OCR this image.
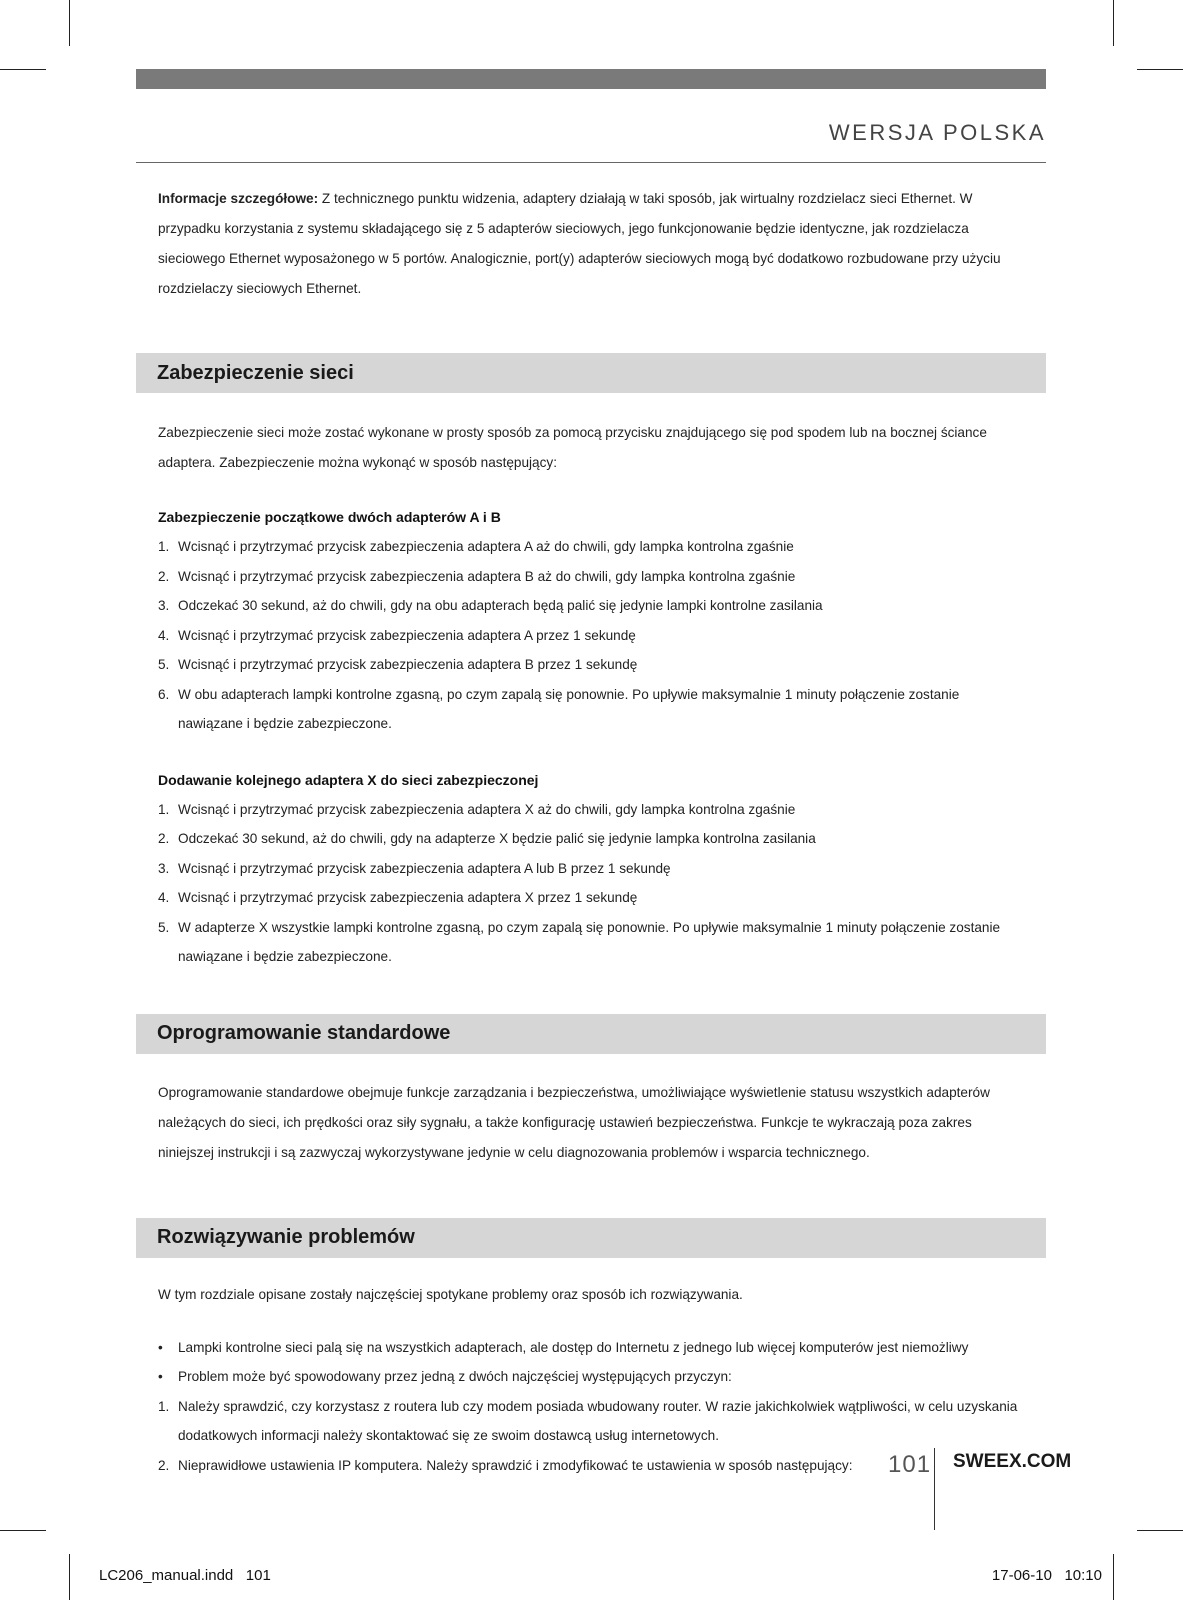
WERSJA POLSKA

Informacje szczegółowe: Z technicznego punktu widzenia, adaptery działają w taki sposób, jak wirtualny rozdzielacz sieci Ethernet. W przypadku korzystania z systemu składającego się z 5 adapterów sieciowych, jego funkcjonowanie będzie identyczne, jak rozdzielacza sieciowego Ethernet wyposażonego w 5 portów. Analogicznie, port(y) adapterów sieciowych mogą być dodatkowo rozbudowane przy użyciu rozdzielaczy sieciowych Ethernet.

Zabezpieczenie sieci

Zabezpieczenie sieci może zostać wykonane w prosty sposób za pomocą przycisku znajdującego się pod spodem lub na bocznej ściance adaptera. Zabezpieczenie można wykonąć w sposób następujący:

Zabezpieczenie początkowe dwóch adapterów A i B
1. Wcisnąć i przytrzymać przycisk zabezpieczenia adaptera A aż do chwili, gdy lampka kontrolna zgaśnie
2. Wcisnąć i przytrzymać przycisk zabezpieczenia adaptera B aż do chwili, gdy lampka kontrolna zgaśnie
3. Odczekać 30 sekund, aż do chwili, gdy na obu adapterach będą palić się jedynie lampki kontrolne zasilania
4. Wcisnąć i przytrzymać przycisk zabezpieczenia adaptera A przez 1 sekundę
5. Wcisnąć i przytrzymać przycisk zabezpieczenia adaptera B przez 1 sekundę
6. W obu adapterach lampki kontrolne zgasną, po czym zapalą się ponownie. Po upływie maksymalnie 1 minuty połączenie zostanie nawiązane i będzie zabezpieczone.
Dodawanie kolejnego adaptera X do sieci zabezpieczonej
1. Wcisnąć i przytrzymać przycisk zabezpieczenia adaptera X aż do chwili, gdy lampka kontrolna zgaśnie
2. Odczekać 30 sekund, aż do chwili, gdy na adapterze X będzie palić się jedynie lampka kontrolna zasilania
3. Wcisnąć i przytrzymać przycisk zabezpieczenia adaptera A lub B przez 1 sekundę
4. Wcisnąć i przytrzymać przycisk zabezpieczenia adaptera X przez 1 sekundę
5. W adapterze X wszystkie lampki kontrolne zgasną, po czym zapalą się ponownie. Po upływie maksymalnie 1 minuty połączenie zostanie nawiązane i będzie zabezpieczone.
Oprogramowanie standardowe

Oprogramowanie standardowe obejmuje funkcje zarządzania i bezpieczeństwa, umożliwiające wyświetlenie statusu wszystkich adapterów należących do sieci, ich prędkości oraz siły sygnału, a także konfigurację ustawień bezpieczeństwa. Funkcje te wykraczają poza zakres niniejszej instrukcji i są zazwyczaj wykorzystywane jedynie w celu diagnozowania problemów i wsparcia technicznego.

Rozwiązywanie problemów

W tym rozdziale opisane zostały najczęściej spotykane problemy oraz sposób ich rozwiązywania.

•	Lampki kontrolne sieci palą się na wszystkich adapterach, ale dostęp do Internetu z jednego lub więcej komputerów jest niemożliwy
•	Problem może być spowodowany przez jedną z dwóch najczęściej występujących przyczyn:
1. Należy sprawdzić, czy korzystasz z routera lub czy modem posiada wbudowany router. W razie jakichkolwiek wątpliwości, w celu uzyskania dodatkowych informacji należy skontaktować się ze swoim dostawcą usług internetowych.
2. Nieprawidłowe ustawienia IP komputera. Należy sprawdzić i zmodyfikować te ustawienia w sposób następujący: 101 SWEEX.COM
LC206_manual.indd   101	17-06-10   10:10
